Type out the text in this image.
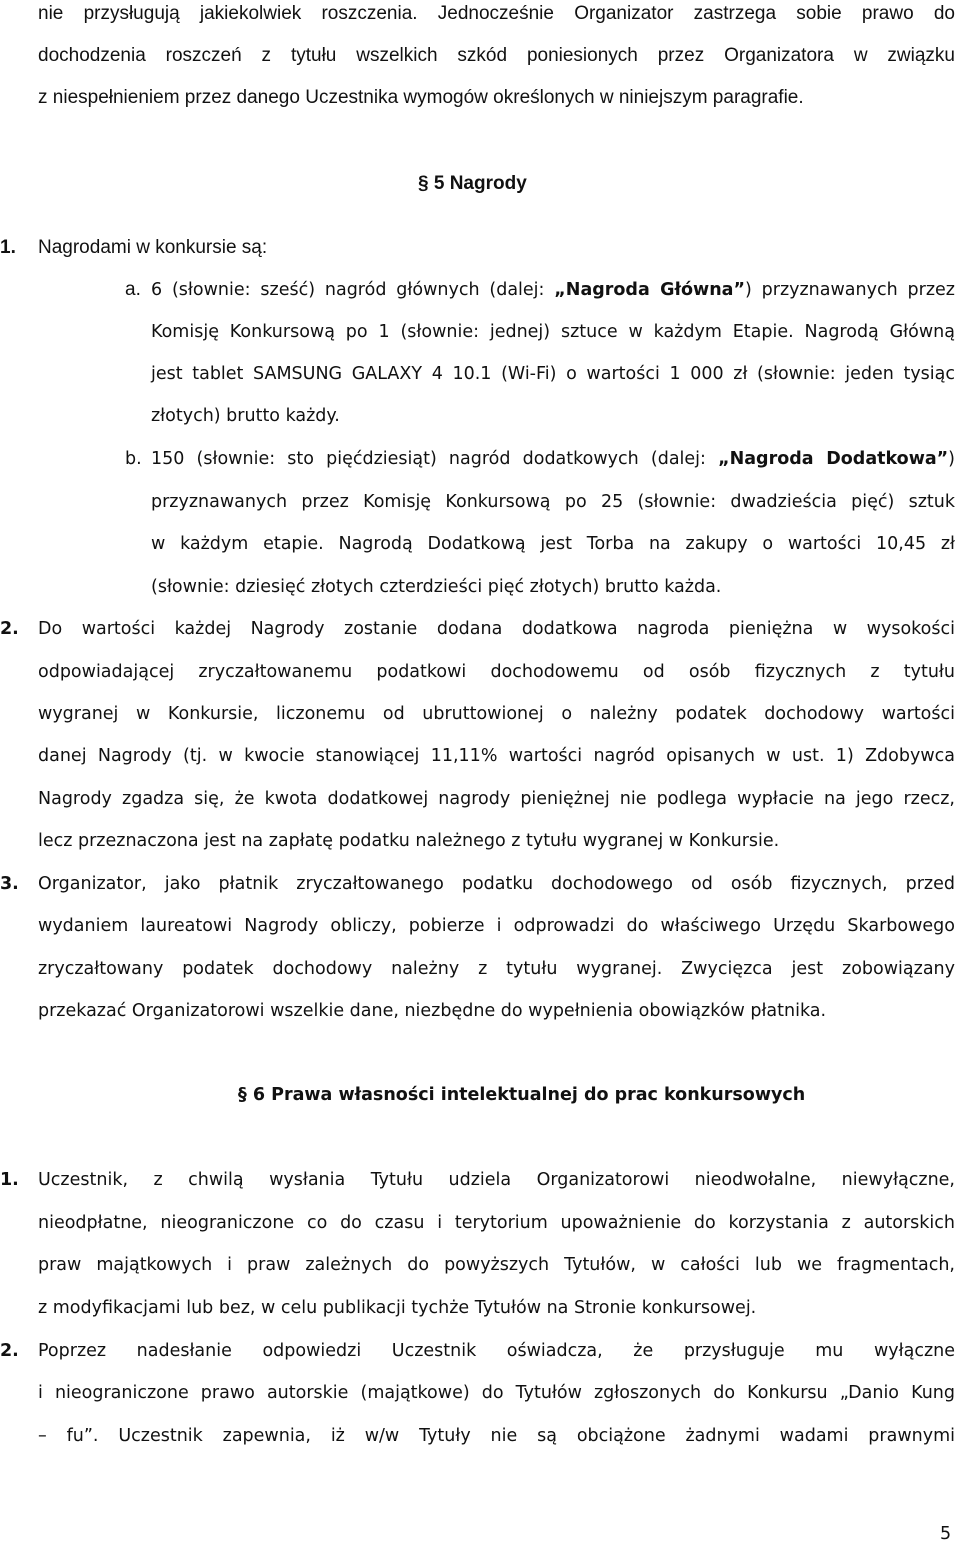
nie przysługują jakiekolwiek roszczenia. Jednocześnie Organizator zastrzega sobie prawo do
dochodzenia roszczeń z tytułu wszelkich szkód poniesionych przez Organizatora w związku
z niespełnieniem przez danego Uczestnika wymogów określonych w niniejszym paragrafie.
§ 5 Nagrody
1. Nagrodami w konkursie są:
a. 6 (słownie: sześć) nagród głównych (dalej: „Nagroda Główna”) przyznawanych przez
Komisję Konkursową po 1 (słownie: jednej) sztuce w każdym Etapie. Nagrodą Główną
jest tablet SAMSUNG GALAXY 4 10.1 (Wi-Fi) o wartości 1 000 zł (słownie: jeden tysiąc
złotych) brutto każdy.
b. 150 (słownie: sto pięćdziesiąt) nagród dodatkowych (dalej: „Nagroda Dodatkowa”)
przyznawanych przez Komisję Konkursową po 25 (słownie: dwadzieścia pięć) sztuk
w każdym etapie. Nagrodą Dodatkową jest Torba na zakupy o wartości 10,45 zł
(słownie: dziesięć złotych czterdzieści pięć złotych) brutto każda.
2. Do wartości każdej Nagrody zostanie dodana dodatkowa nagroda pieniężna w wysokości
odpowiadającej zryczałtowanemu podatkowi dochodowemu od osób fizycznych z tytułu
wygranej w Konkursie, liczonemu od ubruttowionej o należny podatek dochodowy wartości
danej Nagrody (tj. w kwocie stanowiącej 11,11% wartości nagród opisanych w ust. 1) Zdobywca
Nagrody zgadza się, że kwota dodatkowej nagrody pieniężnej nie podlega wypłacie na jego rzecz,
lecz przeznaczona jest na zapłatę podatku należnego z tytułu wygranej w Konkursie.
3. Organizator, jako płatnik zryczałtowanego podatku dochodowego od osób fizycznych, przed
wydaniem laureatowi Nagrody obliczy, pobierze i odprowadzi do właściwego Urzędu Skarbowego
zryczałtowany podatek dochodowy należny z tytułu wygranej. Zwycięzca jest zobowiązany
przekazać Organizatorowi wszelkie dane, niezbędne do wypełnienia obowiązków płatnika.
§ 6 Prawa własności intelektualnej do prac konkursowych
1. Uczestnik, z chwilą wysłania Tytułu udziela Organizatorowi nieodwołalne, niewyłączne,
nieodpłatne, nieograniczone co do czasu i terytorium upoważnienie do korzystania z autorskich
praw majątkowych i praw zależnych do powyższych Tytułów, w całości lub we fragmentach,
z modyfikacjami lub bez, w celu publikacji tychże Tytułów na Stronie konkursowej.
2. Poprzez nadesłanie odpowiedzi Uczestnik oświadcza, że przysługuje mu wyłączne
i nieograniczone prawo autorskie (majątkowe) do Tytułów zgłoszonych do Konkursu „Danio Kung
– fu”. Uczestnik zapewnia, iż w/w Tytuły nie są obciążone żadnymi wadami prawnymi
5
